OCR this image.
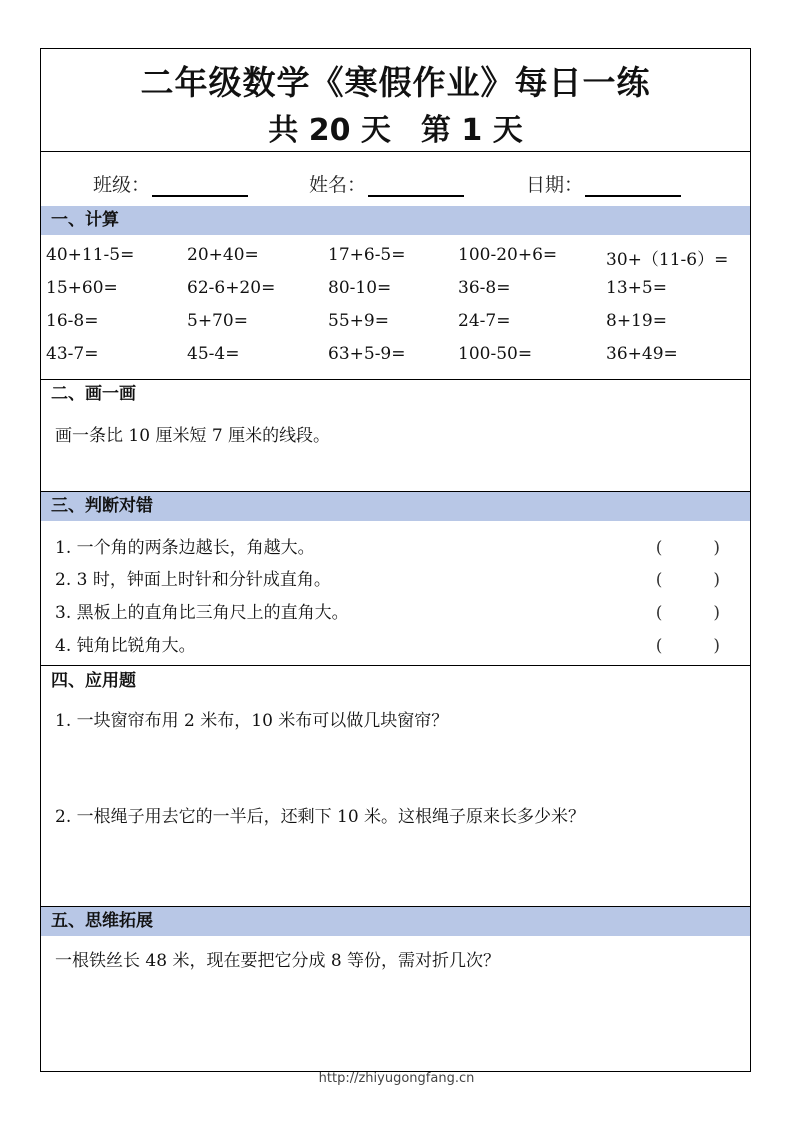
二年级数学《寒假作业》每日一练
共 20 天　第 1 天
班级：	姓名：	日期：
一、计算
40+11-5=	20+40=	17+6-5=	100-20+6=	30+（11-6）=
15+60=	62-6+20=	80-10=	36-8=	13+5=
16-8=	5+70=	55+9=	24-7=	8+19=
43-7=	45-4=	63+5-9=	100-50=	36+49=
二、画一画
画一条比 10 厘米短 7 厘米的线段。
三、判断对错
1. 一个角的两条边越长，角越大。	(　　　)
2. 3 时，钟面上时针和分针成直角。	(　　　)
3. 黑板上的直角比三角尺上的直角大。	(　　　)
4. 钝角比锐角大。	(　　　)
四、应用题
1. 一块窗帘布用 2 米布，10 米布可以做几块窗帘？
2. 一根绳子用去它的一半后，还剩下 10 米。这根绳子原来长多少米？
五、思维拓展
一根铁丝长 48 米，现在要把它分成 8 等份，需对折几次？
http://zhiyugongfang.cn
